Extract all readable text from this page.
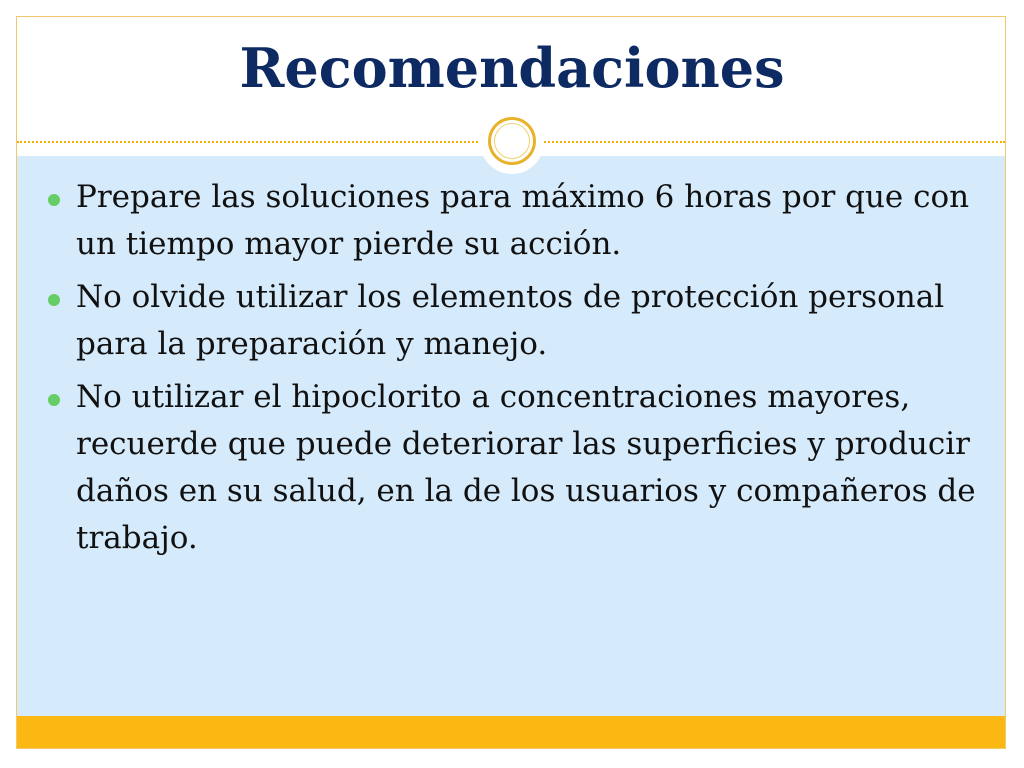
Recomendaciones
Prepare las soluciones para máximo 6 horas por que con un tiempo mayor pierde su acción.
No olvide utilizar los elementos de protección personal para la preparación y manejo.
No utilizar el hipoclorito a concentraciones mayores, recuerde que puede deteriorar las superficies y producir daños en su salud, en la de los usuarios y compañeros de trabajo.
